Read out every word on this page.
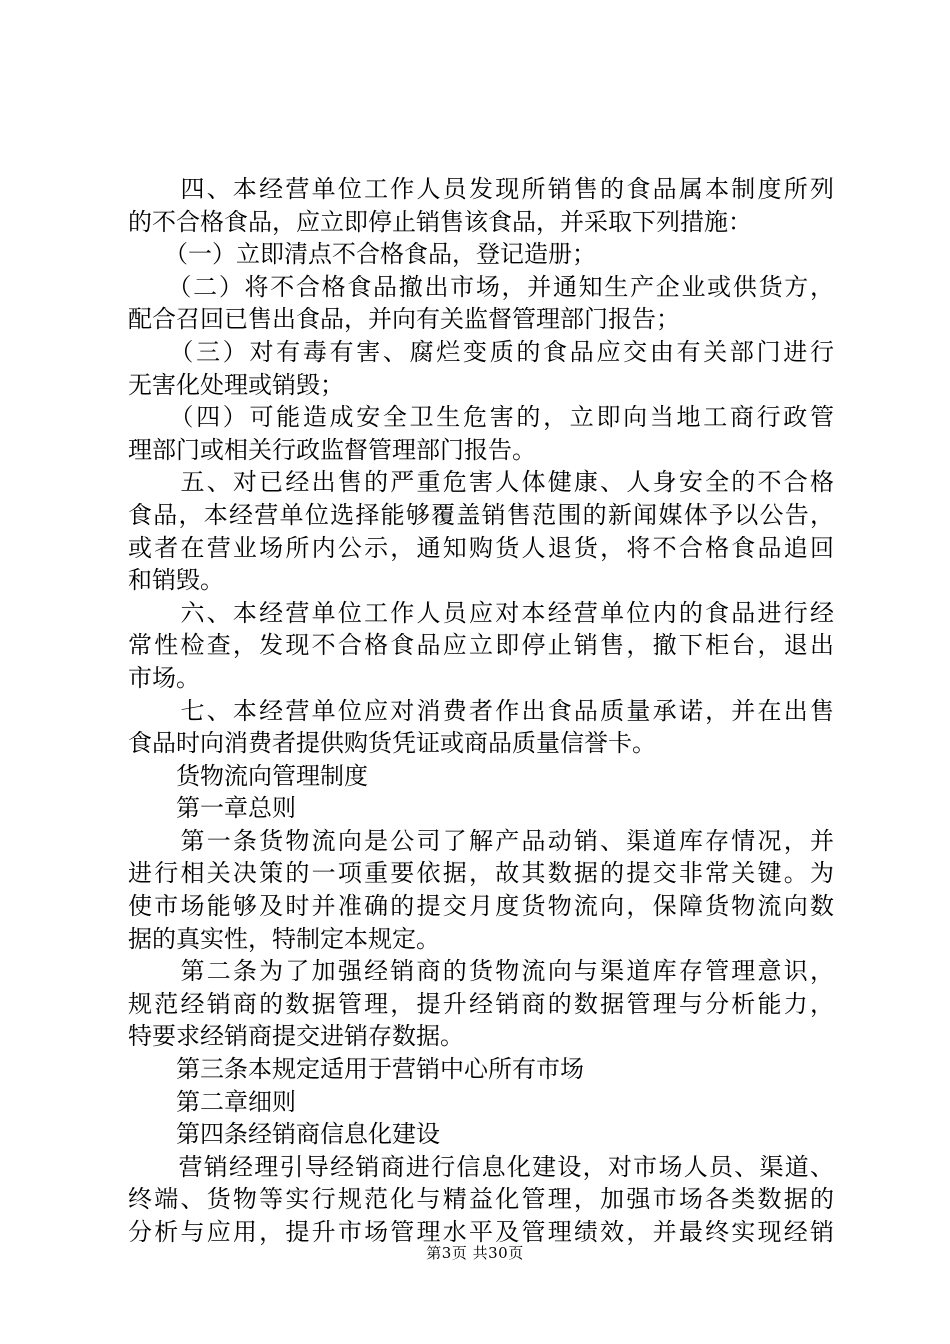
　　四、本经营单位工作人员发现所销售的食品属本制度所列
的不合格食品，应立即停止销售该食品，并采取下列措施：
　　（一）立即清点不合格食品，登记造册；
　　（二）将不合格食品撤出市场，并通知生产企业或供货方，
配合召回已售出食品，并向有关监督管理部门报告；
　　（三）对有毒有害、腐烂变质的食品应交由有关部门进行
无害化处理或销毁；
　　（四）可能造成安全卫生危害的，立即向当地工商行政管
理部门或相关行政监督管理部门报告。
　　五、对已经出售的严重危害人体健康、人身安全的不合格
食品，本经营单位选择能够覆盖销售范围的新闻媒体予以公告，
或者在营业场所内公示，通知购货人退货，将不合格食品追回
和销毁。
　　六、本经营单位工作人员应对本经营单位内的食品进行经
常性检查，发现不合格食品应立即停止销售，撤下柜台，退出
市场。
　　七、本经营单位应对消费者作出食品质量承诺，并在出售
食品时向消费者提供购货凭证或商品质量信誉卡。
　　货物流向管理制度
　　第一章总则
　　第一条货物流向是公司了解产品动销、渠道库存情况，并
进行相关决策的一项重要依据，故其数据的提交非常关键。为
使市场能够及时并准确的提交月度货物流向，保障货物流向数
据的真实性，特制定本规定。
　　第二条为了加强经销商的货物流向与渠道库存管理意识，
规范经销商的数据管理，提升经销商的数据管理与分析能力，
特要求经销商提交进销存数据。
　　第三条本规定适用于营销中心所有市场
　　第二章细则
　　第四条经销商信息化建设
　　营销经理引导经销商进行信息化建设，对市场人员、渠道、
终端、货物等实行规范化与精益化管理，加强市场各类数据的
分析与应用，提升市场管理水平及管理绩效，并最终实现经销
第3页 共30页
